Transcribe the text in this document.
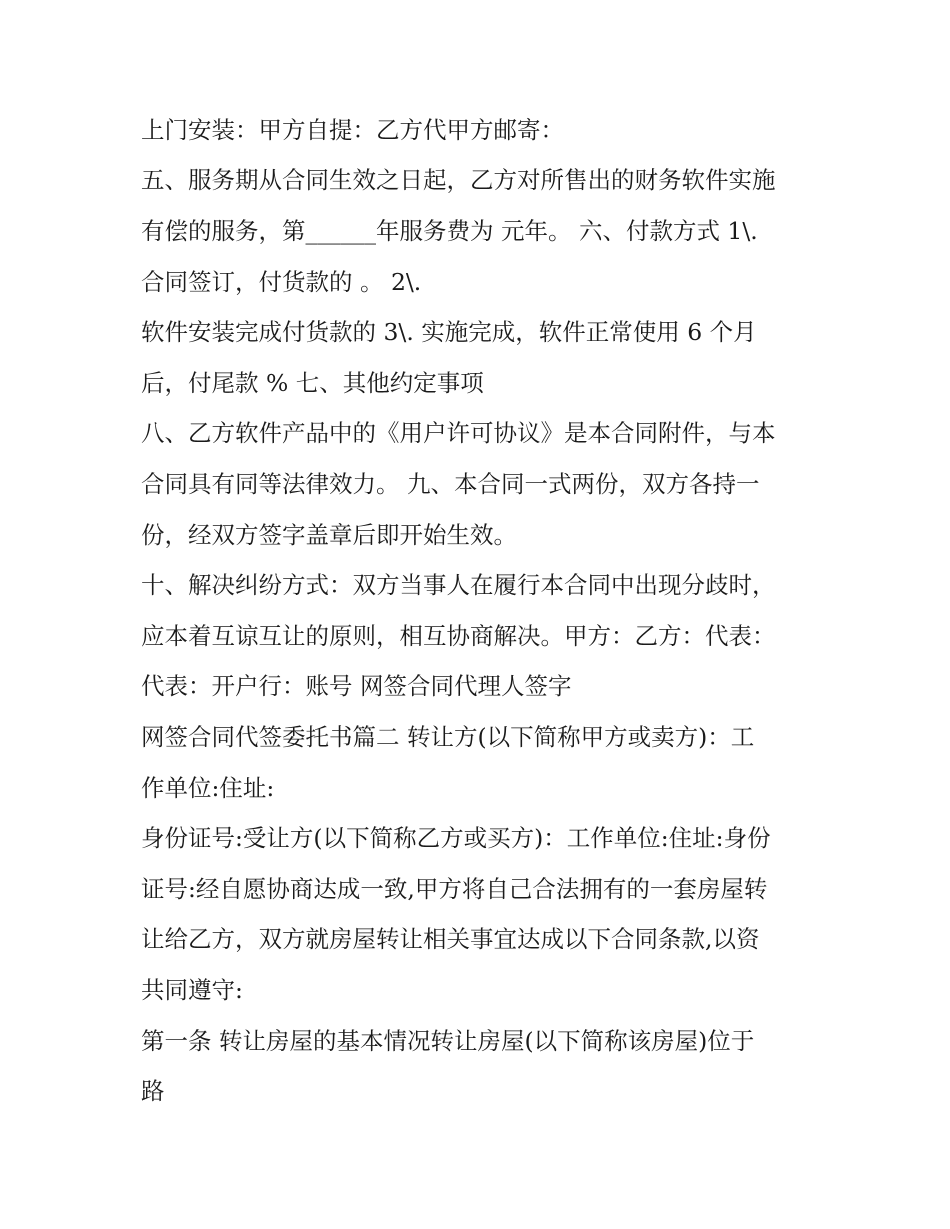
上门安装：甲方自提：乙方代甲方邮寄：
五、服务期从合同生效之日起，乙方对所售出的财务软件实施
有偿的服务，第______年服务费为 元年。 六、付款方式 1\.
合同签订，付货款的 。 2\.
软件安装完成付货款的 3\. 实施完成，软件正常使用 6 个月
后，付尾款 % 七、其他约定事项
八、乙方软件产品中的《用户许可协议》是本合同附件，与本
合同具有同等法律效力。 九、本合同一式两份，双方各持一
份，经双方签字盖章后即开始生效。
十、解决纠纷方式：双方当事人在履行本合同中出现分歧时，
应本着互谅互让的原则，相互协商解决。甲方：乙方：代表：
代表：开户行：账号 网签合同代理人签字
网签合同代签委托书篇二 转让方(以下简称甲方或卖方)：工
作单位:住址:
身份证号:受让方(以下简称乙方或买方)：工作单位:住址:身份
证号:经自愿协商达成一致,甲方将自己合法拥有的一套房屋转
让给乙方，双方就房屋转让相关事宜达成以下合同条款,以资
共同遵守:
第一条 转让房屋的基本情况转让房屋(以下简称该房屋)位于
路
